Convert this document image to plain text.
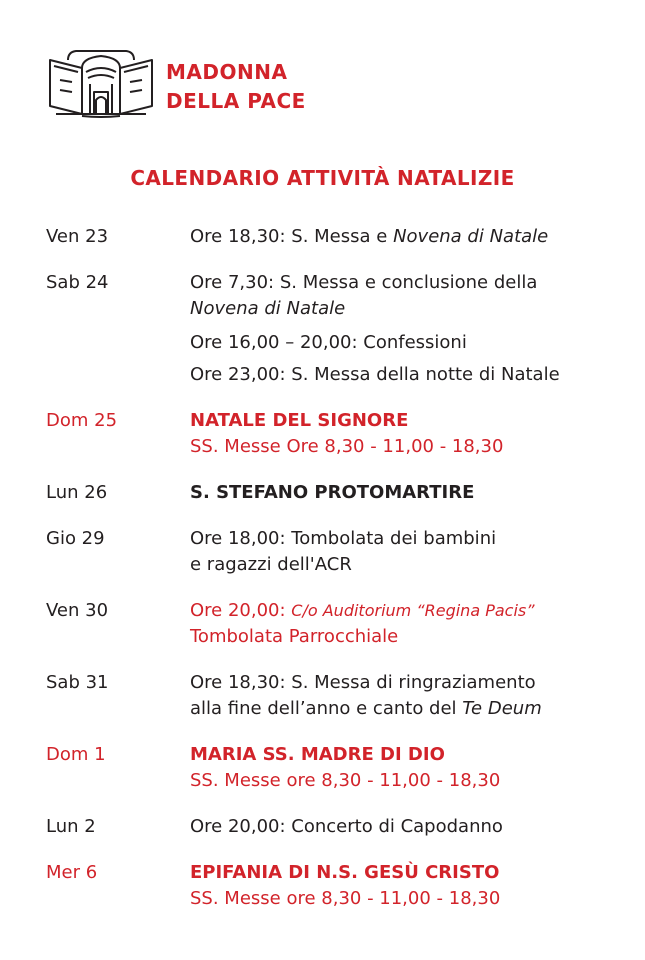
MADONNA
DELLA PACE
CALENDARIO ATTIVITÀ NATALIZIE
Ven 23	Ore 18,30: S. Messa e Novena di Natale
Sab 24	Ore 7,30: S. Messa e conclusione della
Novena di Natale
Ore 16,00 – 20,00: Confessioni
Ore 23,00: S. Messa della notte di Natale
Dom 25	NATALE DEL SIGNORE
SS. Messe Ore 8,30 - 11,00 - 18,30
Lun 26	S. STEFANO PROTOMARTIRE
Gio 29	Ore 18,00: Tombolata dei bambini
e ragazzi dell'ACR
Ven 30	Ore 20,00: C/o Auditorium “Regina Pacis”
Tombolata Parrocchiale
Sab 31	Ore 18,30: S. Messa di ringraziamento
alla fine dell’anno e canto del Te Deum
Dom 1	MARIA SS. MADRE DI DIO
SS. Messe ore 8,30 - 11,00 - 18,30
Lun 2	Ore 20,00: Concerto di Capodanno
Mer 6	EPIFANIA DI N.S. GESÙ CRISTO
SS. Messe ore 8,30 - 11,00 - 18,30
